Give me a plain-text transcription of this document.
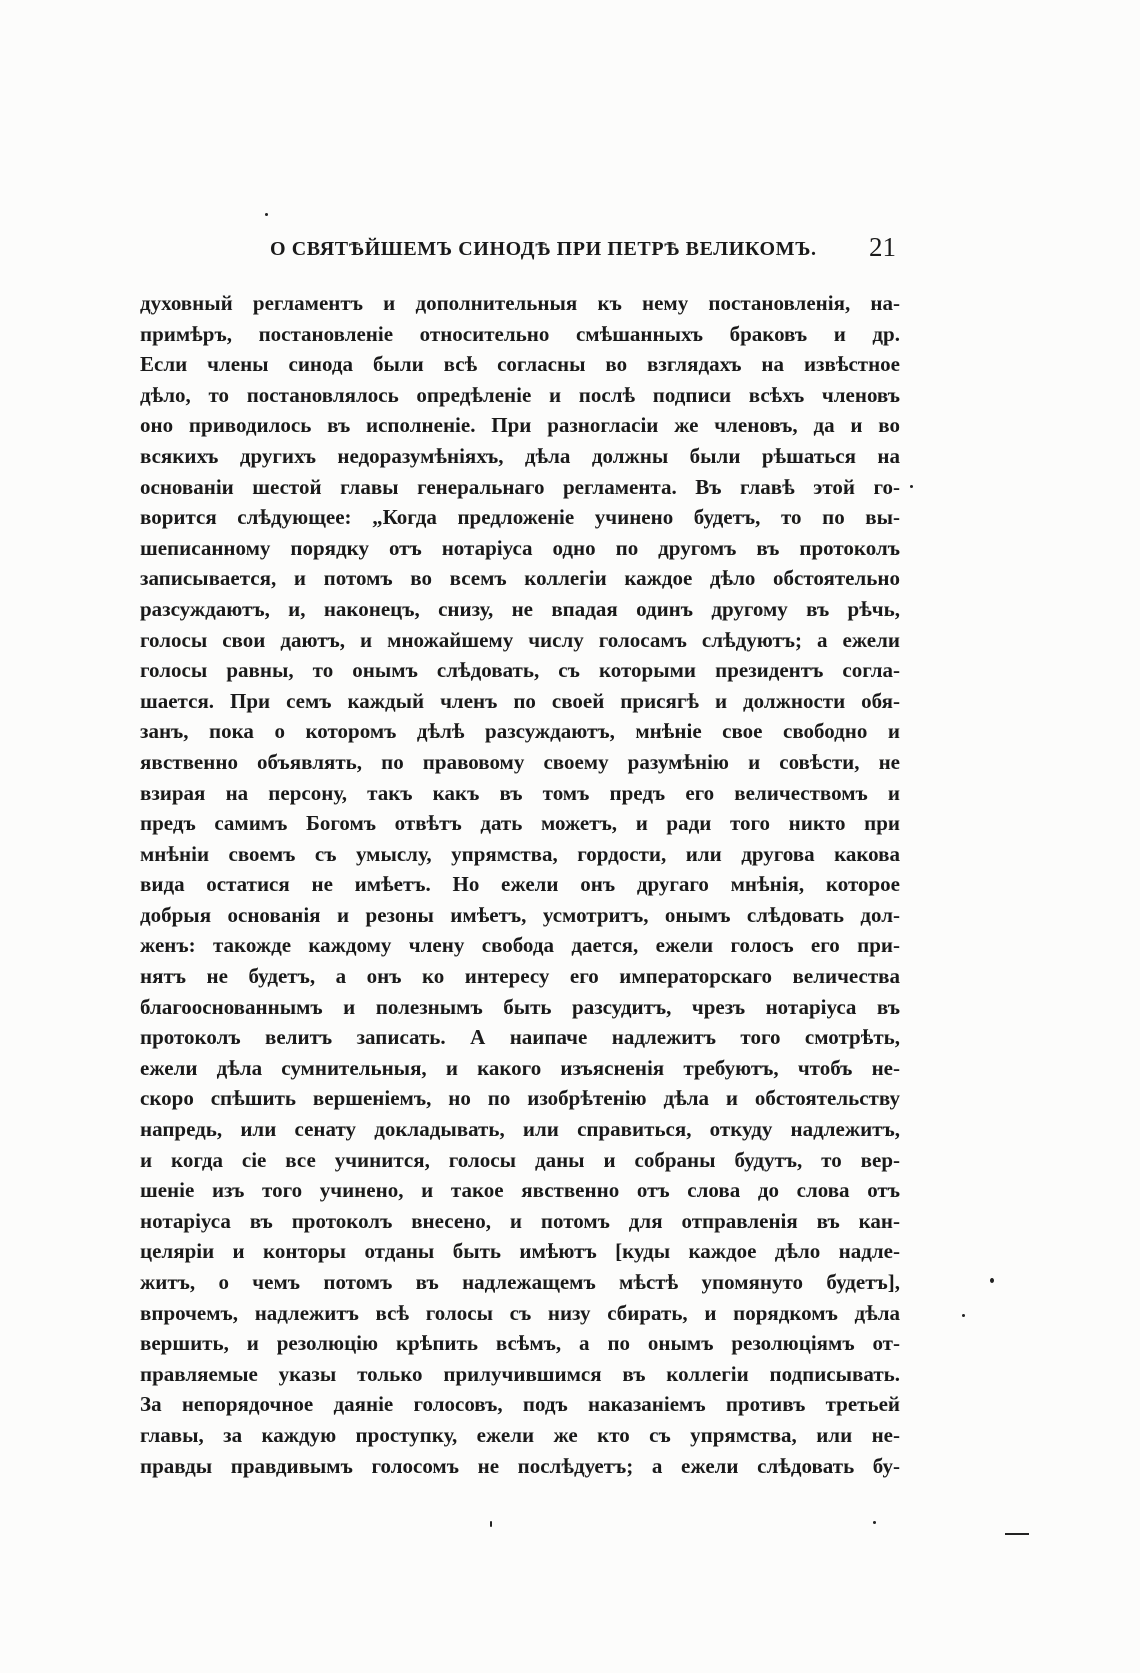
О СВЯТѢЙШЕМЪ СИНОДѢ ПРИ ПЕТРѢ ВЕЛИКОМЪ. 21
духовный регламентъ и дополнительныя къ нему постановленія, на-
примѣръ, постановленіе относительно смѣшанныхъ браковъ и др.
Если члены синода были всѣ согласны во взглядахъ на извѣстное
дѣло, то постановлялось опредѣленіе и послѣ подписи всѣхъ членовъ
оно приводилось въ исполненіе. При разногласіи же членовъ, да и во
всякихъ другихъ недоразумѣніяхъ, дѣла должны были рѣшаться на
основаніи шестой главы генеральнаго регламента. Въ главѣ этой го-
ворится слѣдующее: „Когда предложеніе учинено будетъ, то по вы-
шеписанному порядку отъ нотаріуса одно по другомъ въ протоколъ
записывается, и потомъ во всемъ коллегіи каждое дѣло обстоятельно
разсуждаютъ, и, наконецъ, снизу, не впадая одинъ другому въ рѣчь,
голосы свои даютъ, и множайшему числу голосамъ слѣдуютъ; а ежели
голосы равны, то онымъ слѣдовать, съ которыми президентъ согла-
шается. При семъ каждый членъ по своей присягѣ и должности обя-
занъ, пока о которомъ дѣлѣ разсуждаютъ, мнѣніе свое свободно и
явственно объявлять, по правовому своему разумѣнію и совѣсти, не
взирая на персону, такъ какъ въ томъ предъ его величествомъ и
предъ самимъ Богомъ отвѣтъ дать можетъ, и ради того никто при
мнѣніи своемъ съ умыслу, упрямства, гордости, или другова какова
вида остатися не имѣетъ. Но ежели онъ другаго мнѣнія, которое
добрыя основанія и резоны имѣетъ, усмотритъ, онымъ слѣдовать дол-
женъ: такожде каждому члену свобода дается, ежели голосъ его при-
нятъ не будетъ, а онъ ко интересу его императорскаго величества
благооснованнымъ и полезнымъ быть разсудитъ, чрезъ нотаріуса въ
протоколъ велитъ записать. А наипаче надлежитъ того смотрѣть,
ежели дѣла сумнительныя, и какого изъясненія требуютъ, чтобъ не-
скоро спѣшить вершеніемъ, но по изобрѣтенію дѣла и обстоятельству
напредь, или сенату докладывать, или справиться, откуду надлежитъ,
и когда сіе все учинится, голосы даны и собраны будутъ, то вер-
шеніе изъ того учинено, и такое явственно отъ слова до слова отъ
нотаріуса въ протоколъ внесено, и потомъ для отправленія въ кан-
целяріи и конторы отданы быть имѣютъ [куды каждое дѣло надле-
житъ, о чемъ потомъ въ надлежащемъ мѣстѣ упомянуто будетъ],
впрочемъ, надлежитъ всѣ голосы съ низу сбирать, и порядкомъ дѣла
вершить, и резолюцію крѣпить всѣмъ, а по онымъ резолюціямъ от-
правляемые указы только прилучившимся въ коллегіи подписывать.
За непорядочное даяніе голосовъ, подъ наказаніемъ противъ третьей
главы, за каждую проступку, ежели же кто съ упрямства, или не-
правды правдивымъ голосомъ не послѣдуетъ; а ежели слѣдовать бу-
